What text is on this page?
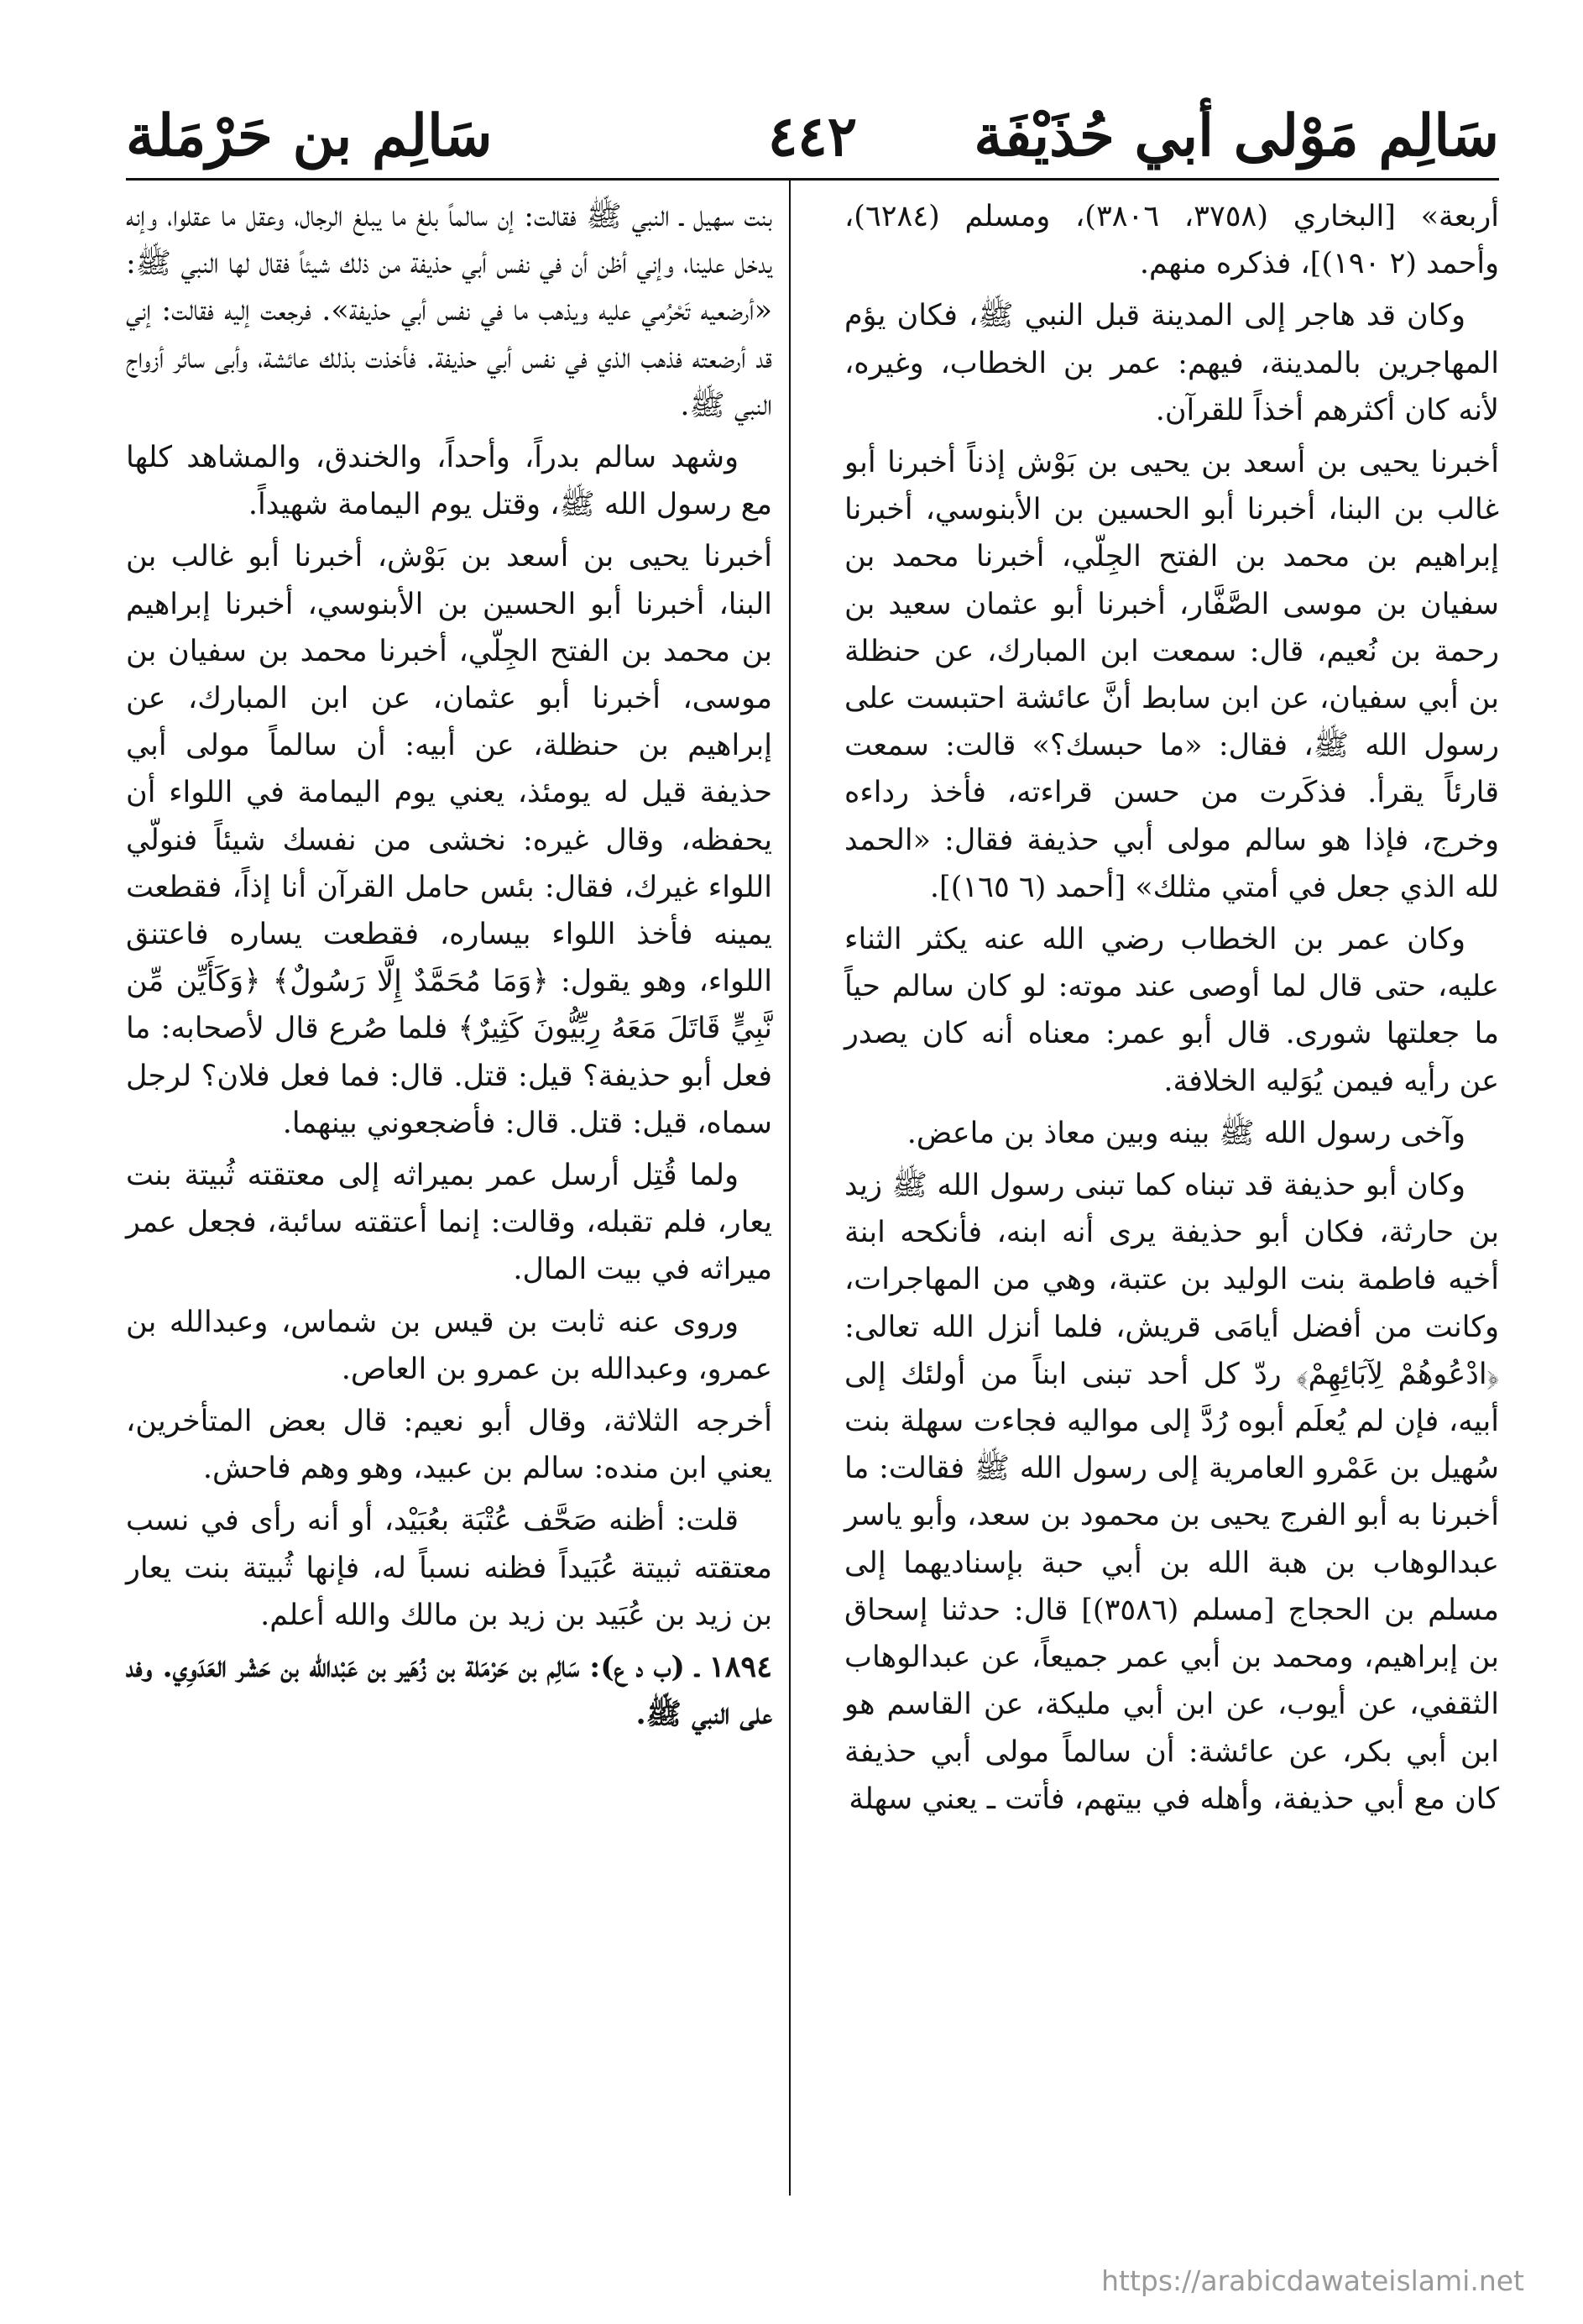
سَالِم مَوْلى أبي حُذَيْفَة
٤٤٢
سَالِم بن حَرْمَلة

أربعة» [البخاري (٣٧٥٨، ٣٨٠٦)، ومسلم (٦٢٨٤)، وأحمد (٢ ١٩٠)]، فذكره منهم.

وكان قد هاجر إلى المدينة قبل النبي ﷺ، فكان يؤم المهاجرين بالمدينة، فيهم: عمر بن الخطاب، وغيره، لأنه كان أكثرهم أخذاً للقرآن.

أخبرنا يحيى بن أسعد بن يحيى بن بَوْش إذناً أخبرنا أبو غالب بن البنا، أخبرنا أبو الحسين بن الأبنوسي، أخبرنا إبراهيم بن محمد بن الفتح الجِلّي، أخبرنا محمد بن سفيان بن موسى الصَّفَّار، أخبرنا أبو عثمان سعيد بن رحمة بن نُعيم، قال: سمعت ابن المبارك، عن حنظلة بن أبي سفيان، عن ابن سابط أنَّ عائشة احتبست على رسول الله ﷺ، فقال: «ما حبسك؟» قالت: سمعت قارئاً يقرأ. فذكَرت من حسن قراءته، فأخذ رداءه وخرج، فإذا هو سالم مولى أبي حذيفة فقال: «الحمد لله الذي جعل في أمتي مثلك» [أحمد (٦ ١٦٥)].

وكان عمر بن الخطاب رضي الله عنه يكثر الثناء عليه، حتى قال لما أوصى عند موته: لو كان سالم حياً ما جعلتها شورى. قال أبو عمر: معناه أنه كان يصدر عن رأيه فيمن يُوَليه الخلافة.

وآخى رسول الله ﷺ بينه وبين معاذ بن ماعض.

وكان أبو حذيفة قد تبناه كما تبنى رسول الله ﷺ زيد بن حارثة، فكان أبو حذيفة يرى أنه ابنه، فأنكحه ابنة أخيه فاطمة بنت الوليد بن عتبة، وهي من المهاجرات، وكانت من أفضل أيامَى قريش، فلما أنزل الله تعالى: ﴿ادْعُوهُمْ لِآبَائِهِمْ﴾ ردّ كل أحد تبنى ابناً من أولئك إلى أبيه، فإن لم يُعلَم أبوه رُدَّ إلى مواليه فجاءت سهلة بنت سُهيل بن عَمْرو العامرية إلى رسول الله ﷺ فقالت: ما أخبرنا به أبو الفرج يحيى بن محمود بن سعد، وأبو ياسر عبدالوهاب بن هبة الله بن أبي حبة بإسناديهما إلى مسلم بن الحجاج [مسلم (٣٥٨٦)] قال: حدثنا إسحاق بن إبراهيم، ومحمد بن أبي عمر جميعاً، عن عبدالوهاب الثقفي، عن أيوب، عن ابن أبي مليكة، عن القاسم هو ابن أبي بكر، عن عائشة: أن سالماً مولى أبي حذيفة كان مع أبي حذيفة، وأهله في بيتهم، فأتت ـ يعني سهلة

بنت سهيل ـ النبي ﷺ فقالت: إن سالماً بلغ ما يبلغ الرجال، وعقل ما عقلوا، وإنه يدخل علينا، وإني أظن أن في نفس أبي حذيفة من ذلك شيئاً فقال لها النبي ﷺ: «أرضعيه تَحْرُمي عليه ويذهب ما في نفس أبي حذيفة». فرجعت إليه فقالت: إني قد أرضعته فذهب الذي في نفس أبي حذيفة. فأخذت بذلك عائشة، وأبى سائر أزواج النبي ﷺ.

وشهد سالم بدراً، وأحداً، والخندق، والمشاهد كلها مع رسول الله ﷺ، وقتل يوم اليمامة شهيداً.

أخبرنا يحيى بن أسعد بن بَوْش، أخبرنا أبو غالب بن البنا، أخبرنا أبو الحسين بن الأبنوسي، أخبرنا إبراهيم بن محمد بن الفتح الجِلّي، أخبرنا محمد بن سفيان بن موسى، أخبرنا أبو عثمان، عن ابن المبارك، عن إبراهيم بن حنظلة، عن أبيه: أن سالماً مولى أبي حذيفة قيل له يومئذ، يعني يوم اليمامة في اللواء أن يحفظه، وقال غيره: نخشى من نفسك شيئاً فنولّي اللواء غيرك، فقال: بئس حامل القرآن أنا إذاً، فقطعت يمينه فأخذ اللواء بيساره، فقطعت يساره فاعتنق اللواء، وهو يقول: ﴿وَمَا مُحَمَّدٌ إِلَّا رَسُولٌ﴾ ﴿وَكَأَيِّن مِّن نَّبِيٍّ قَاتَلَ مَعَهُ رِبِّيُّونَ كَثِيرٌ﴾ فلما صُرع قال لأصحابه: ما فعل أبو حذيفة؟ قيل: قتل. قال: فما فعل فلان؟ لرجل سماه، قيل: قتل. قال: فأضجعوني بينهما.

ولما قُتِل أرسل عمر بميراثه إلى معتقته ثُبيتة بنت يعار، فلم تقبله، وقالت: إنما أعتقته سائبة، فجعل عمر ميراثه في بيت المال.

وروى عنه ثابت بن قيس بن شماس، وعبدالله بن عمرو، وعبدالله بن عمرو بن العاص.

أخرجه الثلاثة، وقال أبو نعيم: قال بعض المتأخرين، يعني ابن منده: سالم بن عبيد، وهو وهم فاحش.

قلت: أظنه صَحَّف عُتْبَة بعُبَيْد، أو أنه رأى في نسب معتقته ثبيتة عُبَيداً فظنه نسباً له، فإنها ثُبيتة بنت يعار بن زيد بن عُبَيد بن زيد بن مالك والله أعلم.

١٨٩٤ ـ (ب د ع): سَالِم بن حَرْمَلة بن زُهَير بن عَبْدالله بن حَشْر العَدَوِي. وفد على النبي ﷺ.

https://arabicdawateislami.net
